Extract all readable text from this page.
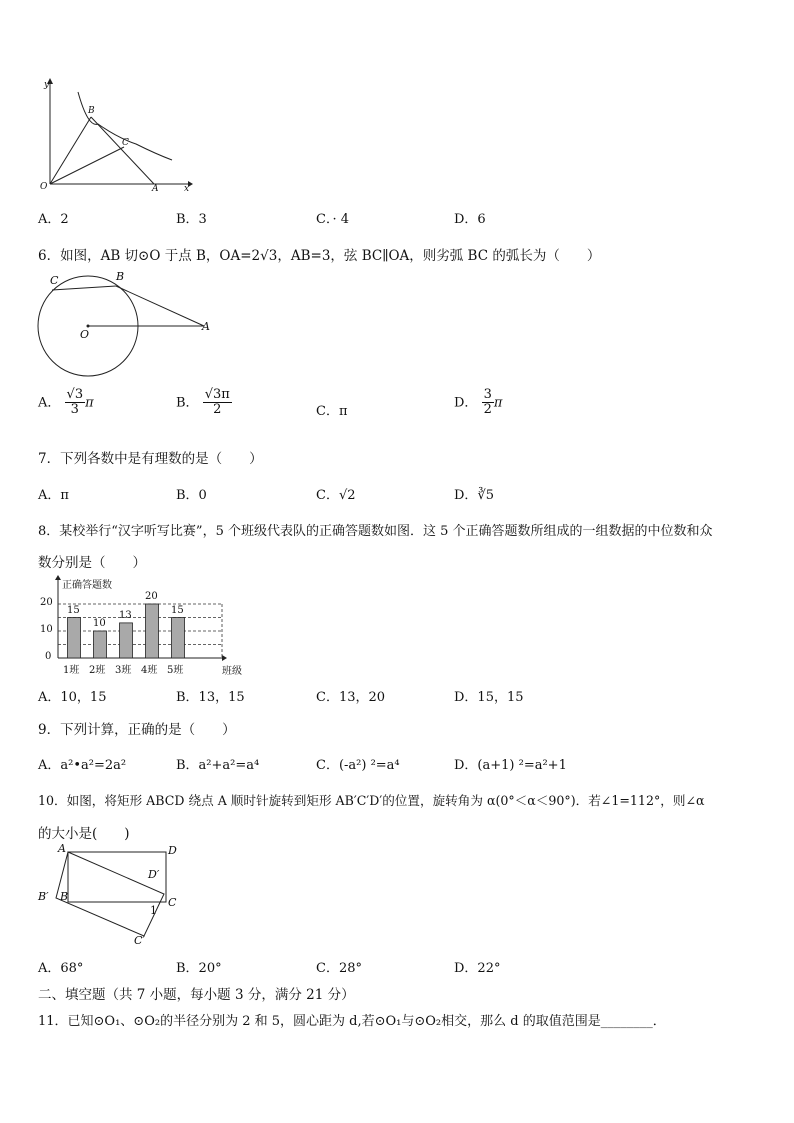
y
x
O	A
B
C
A．2	B．3	C．· 4	D．6
6．如图，AB 切⊙O 于点 B，OA=2√3，AB=3，弦 BC∥OA，则劣弧 BC 的弧长为（　　）
C	B
O
A
A． $\frac{√3}{3}$ π	B． $\frac{√3\pi}{2}$	C．π
D． $\frac{3}{2}$ π
7．下列各数中是有理数的是（　　）
A．π	B．0	C．√2	D．∛5
8．某校举行“汉字听写比赛”，5 个班级代表队的正确答题数如图．这 5 个正确答题数所组成的一组数据的中位数和众
数分别是（　　）
正确答题数
班级
15
1班
10
2班
13
3班
20
4班
15
5班
0
10
20
A．10，15	B．13，15	C．13，20	D．15，15
9．下列计算，正确的是（　　）
A．a²•a²=2a²	B．a²+a²=a⁴	C．(-a²) ²=a⁴	D．(a+1) ²=a²+1
10．如图，将矩形 ABCD 绕点 A 顺时针旋转到矩形 AB′C′D′的位置，旋转角为 α(0°＜α＜90°)．若∠1=112°，则∠α
的大小是(　　)
A	D
D′
B′ B	C
1
C′
A．68°	B．20°	C．28°	D．22°
二、填空题（共 7 小题，每小题 3 分，满分 21 分）
11．已知⊙O₁、⊙O₂的半径分别为 2 和 5，圆心距为 d,若⊙O₁与⊙O₂相交，那么 d 的取值范围是________．
